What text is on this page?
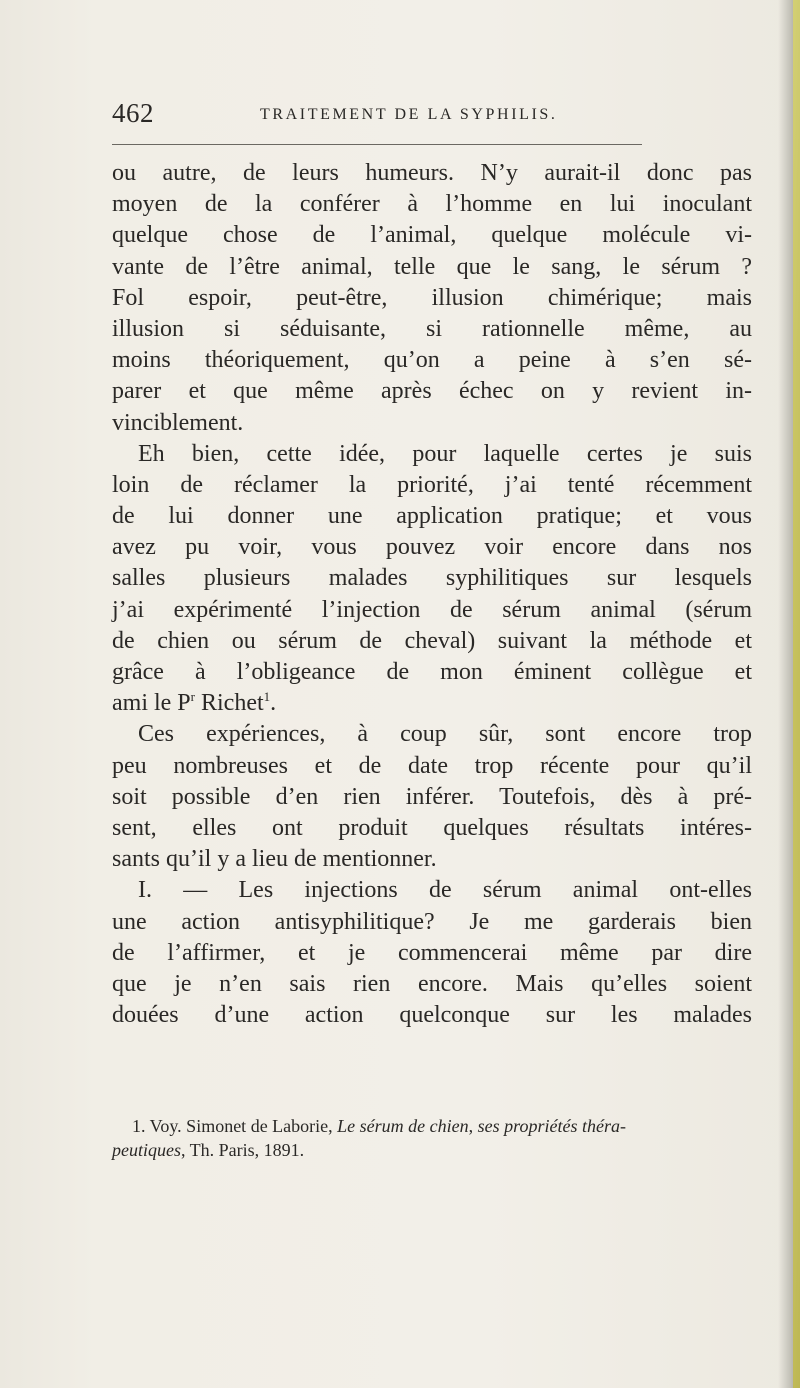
462	TRAITEMENT DE LA SYPHILIS.
ou autre, de leurs humeurs. N’y aurait-il donc pas
moyen de la conférer à l’homme en lui inoculant
quelque chose de l’animal, quelque molécule vi-
vante de l’être animal, telle que le sang, le sérum ?
Fol espoir, peut-être, illusion chimérique; mais
illusion si séduisante, si rationnelle même, au
moins théoriquement, qu’on a peine à s’en sé-
parer et que même après échec on y revient in-
vinciblement.
Eh bien, cette idée, pour laquelle certes je suis
loin de réclamer la priorité, j’ai tenté récemment
de lui donner une application pratique; et vous
avez pu voir, vous pouvez voir encore dans nos
salles plusieurs malades syphilitiques sur lesquels
j’ai expérimenté l’injection de sérum animal (sérum
de chien ou sérum de cheval) suivant la méthode et
grâce à l’obligeance de mon éminent collègue et
ami le $P^r$ Richet$^1$.
Ces expériences, à coup sûr, sont encore trop
peu nombreuses et de date trop récente pour qu’il
soit possible d’en rien inférer. Toutefois, dès à pré-
sent, elles ont produit quelques résultats intéres-
sants qu’il y a lieu de mentionner.
I. — Les injections de sérum animal ont-elles
une action antisyphilitique? Je me garderais bien
de l’affirmer, et je commencerai même par dire
que je n’en sais rien encore. Mais qu’elles soient
douées d’une action quelconque sur les malades
1. Voy. Simonet de Laborie, Le sérum de chien, ses propriétés théra-
peutiques, Th. Paris, 1891.
